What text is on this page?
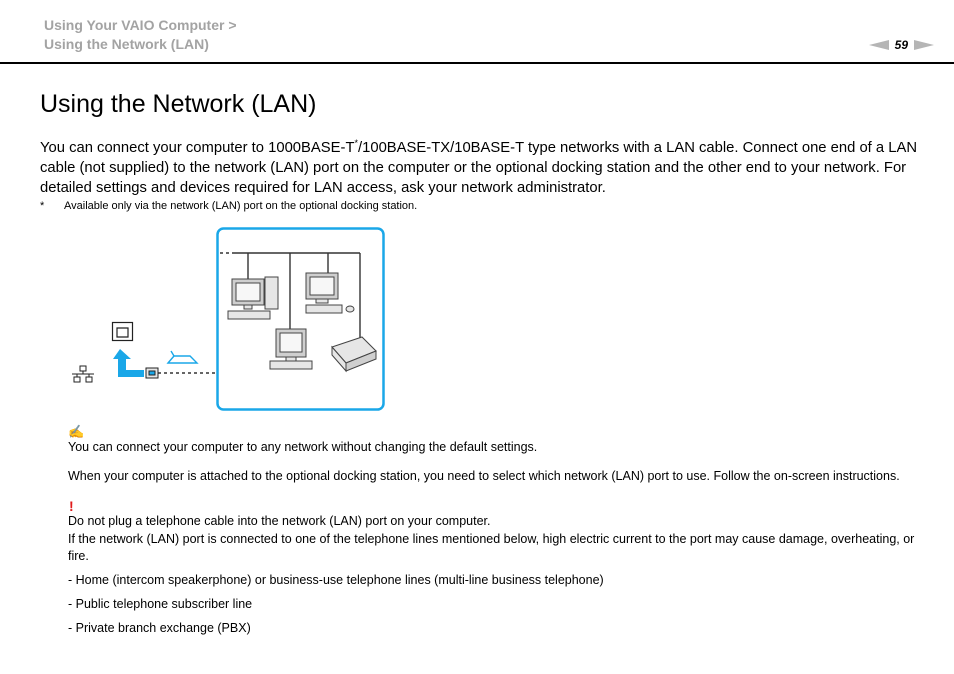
Using Your VAIO Computer >
Using the Network (LAN)	59
Using the Network (LAN)

You can connect your computer to 1000BASE-T*/100BASE-TX/10BASE-T type networks with a LAN cable. Connect one end of a LAN cable (not supplied) to the network (LAN) port on the computer or the optional docking station and the other end to your network. For detailed settings and devices required for LAN access, ask your network administrator.

* Available only via the network (LAN) port on the optional docking station.

✍

You can connect your computer to any network without changing the default settings.

When your computer is attached to the optional docking station, you need to select which network (LAN) port to use. Follow the on-screen instructions.

!

Do not plug a telephone cable into the network (LAN) port on your computer.

If the network (LAN) port is connected to one of the telephone lines mentioned below, high electric current to the port may cause damage, overheating, or fire.

- Home (intercom speakerphone) or business-use telephone lines (multi-line business telephone)

- Public telephone subscriber line

- Private branch exchange (PBX)
